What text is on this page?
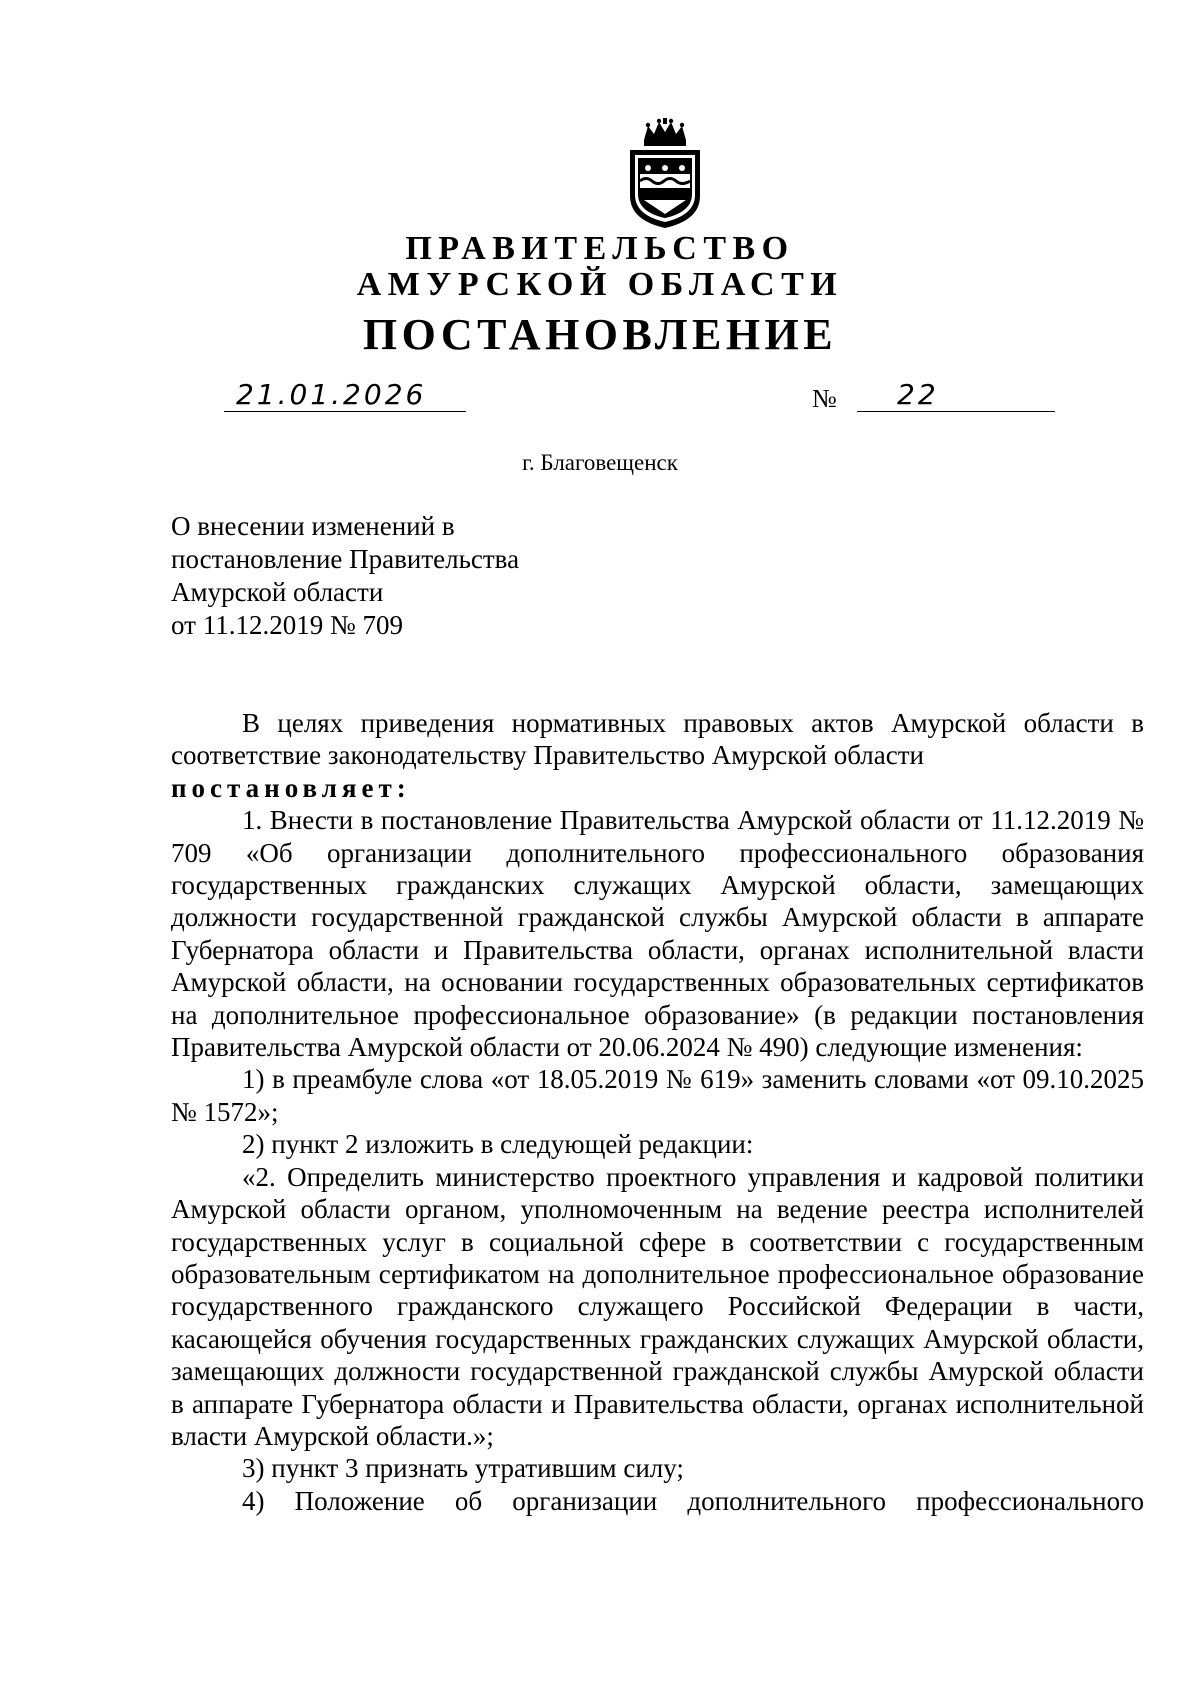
ПРАВИТЕЛЬСТВО
АМУРСКОЙ ОБЛАСТИ
ПОСТАНОВЛЕНИЕ
21.01.2026	№ 22
г. Благовещенск
О внесении изменений в
постановление Правительства
Амурской области
от 11.12.2019 № 709

В целях приведения нормативных правовых актов Амурской области в соответствие законодательству Правительство Амурской области

постановляет:

1. Внести в постановление Правительства Амурской области от 11.12.2019 № 709 «Об организации дополнительного профессионального образования государственных гражданских служащих Амурской области, замещающих должности государственной гражданской службы Амурской области в аппарате Губернатора области и Правительства области, органах исполнительной власти Амурской области, на основании государственных образовательных сертификатов на дополнительное профессиональное образование» (в редакции постановления Правительства Амурской области от 20.06.2024 № 490) следующие изменения:

1) в преамбуле слова «от 18.05.2019 № 619» заменить словами «от 09.10.2025 № 1572»;

2) пункт 2 изложить в следующей редакции:

«2. Определить министерство проектного управления и кадровой политики Амурской области органом, уполномоченным на ведение реестра исполнителей государственных услуг в социальной сфере в соответствии с государственным образовательным сертификатом на дополнительное профессиональное образование государственного гражданского служащего Российской Федерации в части, касающейся обучения государственных гражданских служащих Амурской области, замещающих должности государственной гражданской службы Амурской области в аппарате Губернатора области и Правительства области, органах исполнительной власти Амурской области.»;

3) пункт 3 признать утратившим силу;

4) Положение об организации дополнительного профессионального
